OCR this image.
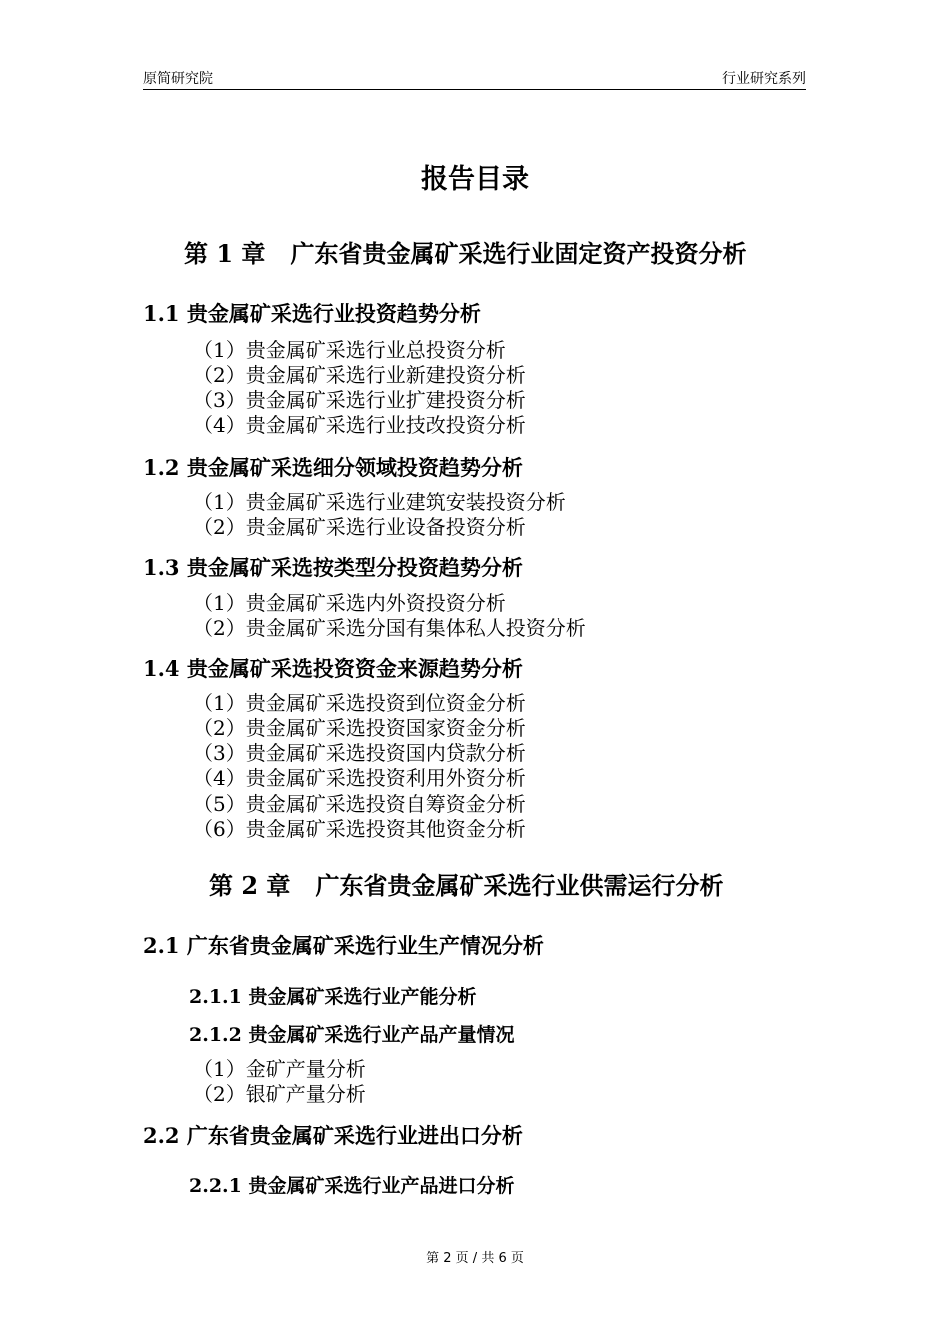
原简研究院	行业研究系列
报告目录
第 1 章   广东省贵金属矿采选行业固定资产投资分析
1.1 贵金属矿采选行业投资趋势分析
（1）贵金属矿采选行业总投资分析
（2）贵金属矿采选行业新建投资分析
（3）贵金属矿采选行业扩建投资分析
（4）贵金属矿采选行业技改投资分析
1.2 贵金属矿采选细分领域投资趋势分析
（1）贵金属矿采选行业建筑安装投资分析
（2）贵金属矿采选行业设备投资分析
1.3 贵金属矿采选按类型分投资趋势分析
（1）贵金属矿采选内外资投资分析
（2）贵金属矿采选分国有集体私人投资分析
1.4 贵金属矿采选投资资金来源趋势分析
（1）贵金属矿采选投资到位资金分析
（2）贵金属矿采选投资国家资金分析
（3）贵金属矿采选投资国内贷款分析
（4）贵金属矿采选投资利用外资分析
（5）贵金属矿采选投资自筹资金分析
（6）贵金属矿采选投资其他资金分析
第 2 章   广东省贵金属矿采选行业供需运行分析
2.1 广东省贵金属矿采选行业生产情况分析
2.1.1 贵金属矿采选行业产能分析
2.1.2 贵金属矿采选行业产品产量情况
（1）金矿产量分析
（2）银矿产量分析
2.2 广东省贵金属矿采选行业进出口分析
2.2.1 贵金属矿采选行业产品进口分析
第 2 页 / 共 6 页
